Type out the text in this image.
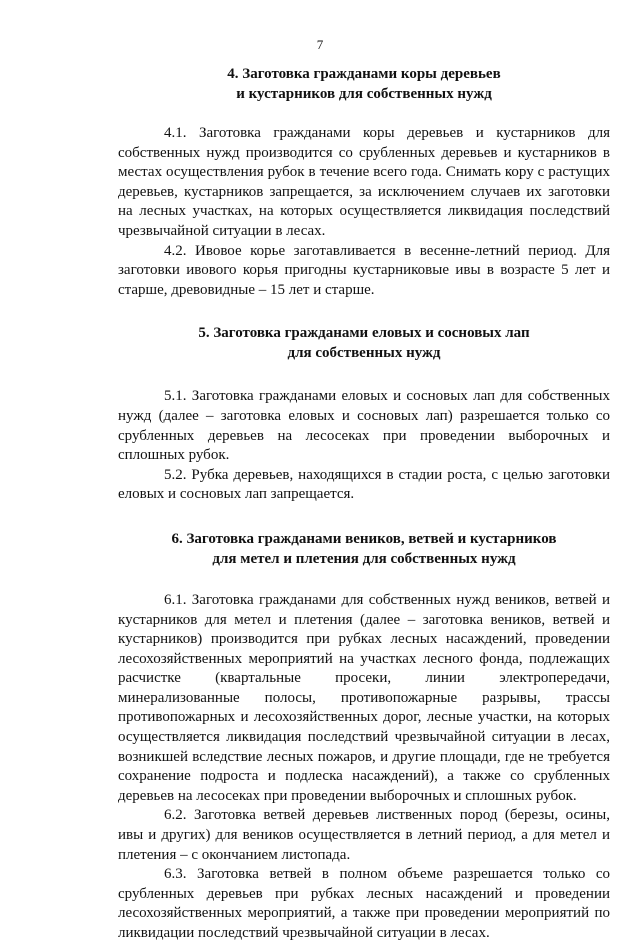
7
4. Заготовка гражданами коры деревьев
и кустарников для собственных нужд

4.1. Заготовка гражданами коры деревьев и кустарников для собственных нужд производится со срубленных деревьев и кустарников в местах осуществления рубок в течение всего года. Снимать кору с растущих деревьев, кустарников запрещается, за исключением случаев их заготовки на лесных участках, на которых осуществляется ликвидация последствий чрезвычайной ситуации в лесах.

4.2. Ивовое корье заготавливается в весенне-летний период. Для заготовки ивового корья пригодны кустарниковые ивы в возрасте 5 лет и старше, древовидные – 15 лет и старше.

5. Заготовка гражданами еловых и сосновых лап
для собственных нужд

5.1. Заготовка гражданами еловых и сосновых лап для собственных нужд (далее – заготовка еловых и сосновых лап) разрешается только со срубленных деревьев на лесосеках при проведении выборочных и сплошных рубок.

5.2. Рубка деревьев, находящихся в стадии роста, с целью заготовки еловых и сосновых лап запрещается.

6. Заготовка гражданами веников, ветвей и кустарников
для метел и плетения для собственных нужд

6.1. Заготовка гражданами для собственных нужд веников, ветвей и кустарников для метел и плетения (далее – заготовка веников, ветвей и кустарников) производится при рубках лесных насаждений, проведении лесохозяйственных мероприятий на участках лесного фонда, подлежащих расчистке (квартальные просеки, линии электропередачи, минерализованные полосы, противопожарные разрывы, трассы противопожарных и лесохозяйственных дорог, лесные участки, на которых осуществляется ликвидация последствий чрезвычайной ситуации в лесах, возникшей вследствие лесных пожаров, и другие площади, где не требуется сохранение подроста и подлеска насаждений), а также со срубленных деревьев на лесосеках при проведении выборочных и сплошных рубок.

6.2. Заготовка ветвей деревьев лиственных пород (березы, осины, ивы и других) для веников осуществляется в летний период, а для метел и плетения – с окончанием листопада.

6.3. Заготовка ветвей в полном объеме разрешается только со срубленных деревьев при рубках лесных насаждений и проведении лесохозяйственных мероприятий, а также при проведении мероприятий по ликвидации последствий чрезвычайной ситуации в лесах.
